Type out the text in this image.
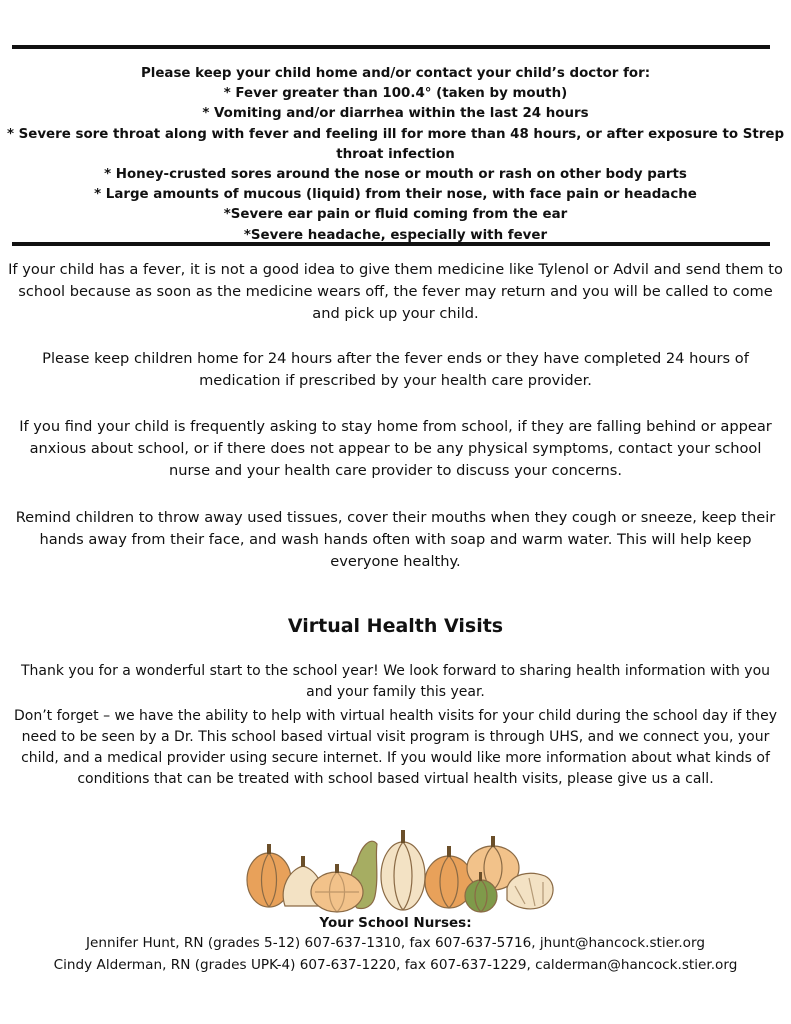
Please keep your child home and/or contact your child’s doctor for:
* Fever greater than 100.4° (taken by mouth)
* Vomiting and/or diarrhea within the last 24 hours
* Severe sore throat along with fever and feeling ill for more than 48 hours, or after exposure to Strep throat infection
* Honey-crusted sores around the nose or mouth or rash on other body parts
* Large amounts of mucous (liquid) from their nose, with face pain or headache
*Severe ear pain or fluid coming from the ear
*Severe headache, especially with fever

If your child has a fever, it is not a good idea to give them medicine like Tylenol or Advil and send them to school because as soon as the medicine wears off, the fever may return and you will be called to come and pick up your child.

Please keep children home for 24 hours after the fever ends or they have completed 24 hours of medication if prescribed by your health care provider.

If you find your child is frequently asking to stay home from school, if they are falling behind or appear anxious about school, or if there does not appear to be any physical symptoms, contact your school nurse and your health care provider to discuss your concerns.

Remind children to throw away used tissues, cover their mouths when they cough or sneeze, keep their hands away from their face, and wash hands often with soap and warm water. This will help keep everyone healthy.

Virtual Health Visits

Thank you for a wonderful start to the school year! We look forward to sharing health information with you and your family this year.

Don’t forget – we have the ability to help with virtual health visits for your child during the school day if they need to be seen by a Dr. This school based virtual visit program is through UHS, and we connect you, your child, and a medical provider using secure internet. If you would like more information about what kinds of conditions that can be treated with school based virtual health visits, please give us a call.

Your School Nurses:

Jennifer Hunt, RN (grades 5-12) 607-637-1310, fax 607-637-5716, jhunt@hancock.stier.org

Cindy Alderman, RN (grades UPK-4) 607-637-1220, fax 607-637-1229, calderman@hancock.stier.org
